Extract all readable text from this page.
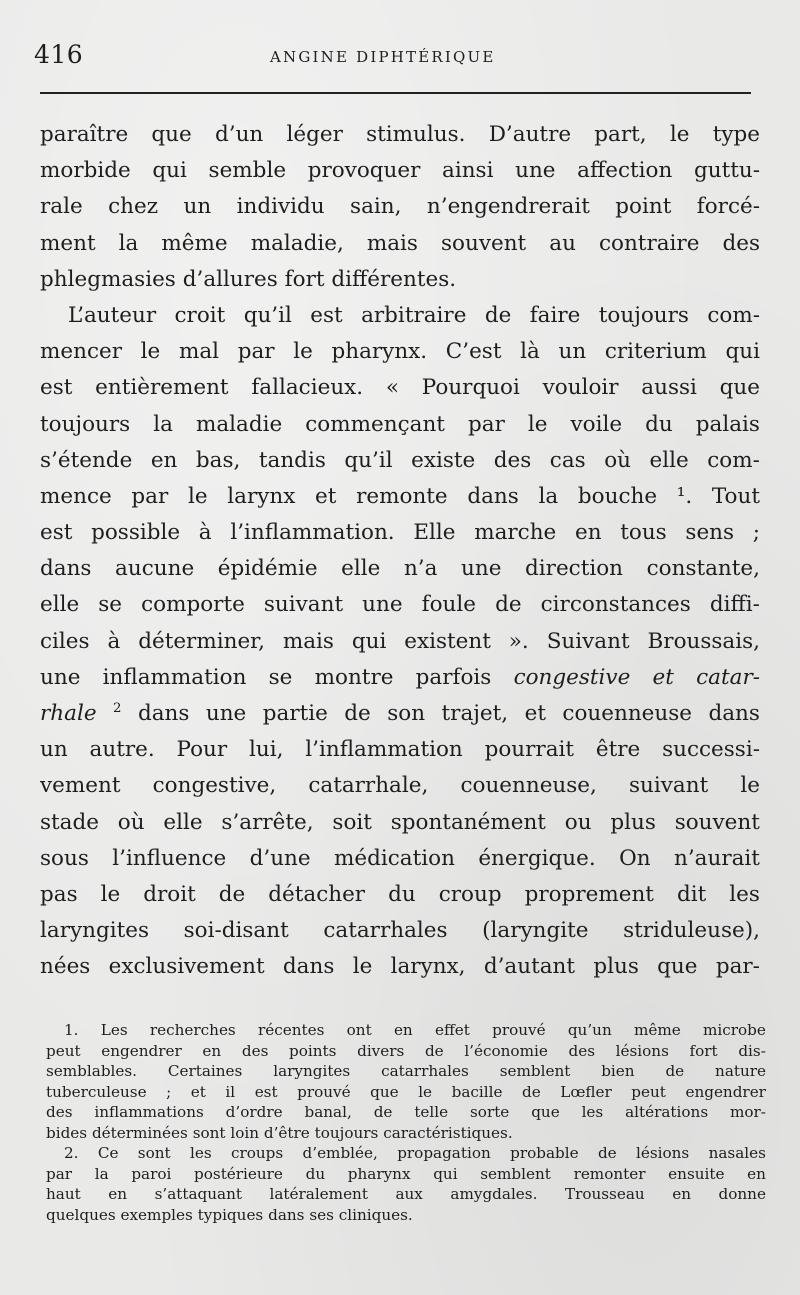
416	ANGINE DIPHTÉRIQUE
paraître que d’un léger stimulus. D’autre part, le type
morbide qui semble provoquer ainsi une affection guttu-
rale chez un individu sain, n’engendrerait point forcé-
ment la même maladie, mais souvent au contraire des
phlegmasies d’allures fort différentes.
L’auteur croit qu’il est arbitraire de faire toujours com-
mencer le mal par le pharynx. C’est là un criterium qui
est entièrement fallacieux. « Pourquoi vouloir aussi que
toujours la maladie commençant par le voile du palais
s’étende en bas, tandis qu’il existe des cas où elle com-
mence par le larynx et remonte dans la bouche ¹. Tout
est possible à l’inflammation. Elle marche en tous sens ;
dans aucune épidémie elle n’a une direction constante,
elle se comporte suivant une foule de circonstances diffi-
ciles à déterminer, mais qui existent ». Suivant Broussais,
une inflammation se montre parfois congestive et catar-
rhale $^2$ dans une partie de son trajet, et couenneuse dans
un autre. Pour lui, l’inflammation pourrait être successi-
vement congestive, catarrhale, couenneuse, suivant le
stade où elle s’arrête, soit spontanément ou plus souvent
sous l’influence d’une médication énergique. On n’aurait
pas le droit de détacher du croup proprement dit les
laryngites soi-disant catarrhales (laryngite striduleuse),
nées exclusivement dans le larynx, d’autant plus que par-
1. Les recherches récentes ont en effet prouvé qu’un même microbe
peut engendrer en des points divers de l’économie des lésions fort dis-
semblables. Certaines laryngites catarrhales semblent bien de nature
tuberculeuse ; et il est prouvé que le bacille de Lœfler peut engendrer
des inflammations d’ordre banal, de telle sorte que les altérations mor-
bides déterminées sont loin d’être toujours caractéristiques.
2. Ce sont les croups d’emblée, propagation probable de lésions nasales
par la paroi postérieure du pharynx qui semblent remonter ensuite en
haut en s’attaquant latéralement aux amygdales. Trousseau en donne
quelques exemples typiques dans ses cliniques.
